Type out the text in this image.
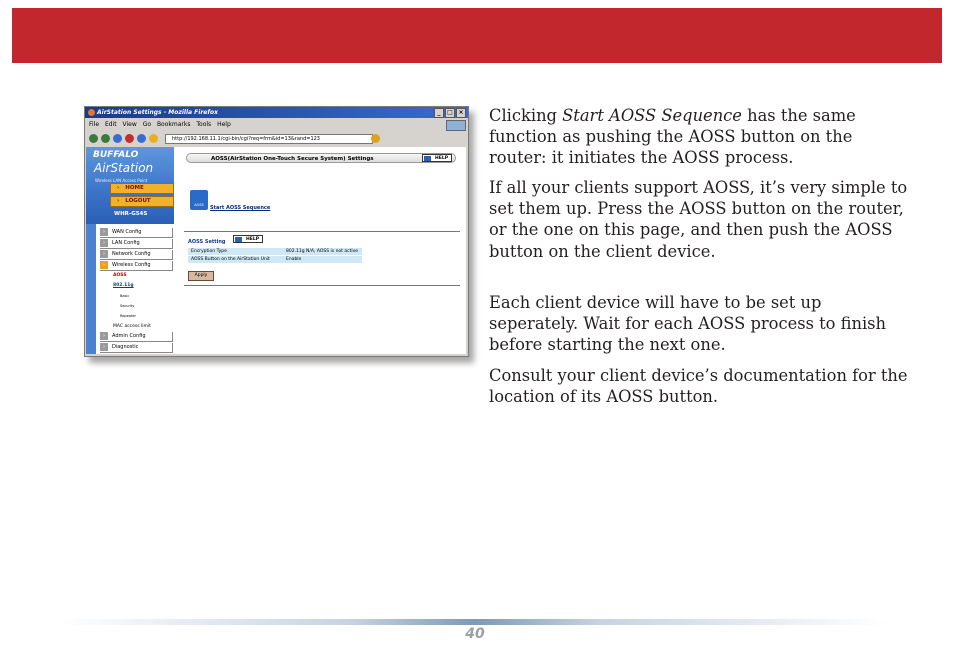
AirStation Settings - Mozilla Firefox	_	□ ×
File Edit View Go Bookmarks Tools Help
http://192.168.11.1/cgi-bin/cgi?req=frm&id=13&rand=123
BUFFALO
AirStation
Wireless LAN Access Point
› HOME
› LOGOUT
WHR-G54S
› WAN Config
› LAN Config
› Network Config
› Wireless Config
AOSS
802.11g
Basic
Security
Repeater
MAC access limit
› Admin Config
› Diagnostic
AOSS(AirStation One-Touch Secure System) Settings	HELP
AOSS	Start AOSS Sequence
AOSS Setting	HELP
Encryption Type	802.11g N/A, AOSS is not active
AOSS Button on the AirStation Unit	Enable
Apply

Clicking Start AOSS Sequence has the same function as pushing the AOSS button on the router: it initiates the AOSS process.

If all your clients support AOSS, it’s very simple to set them up. Press the AOSS button on the router, or the one on this page, and then push the AOSS button on the client device.

Each client device will have to be set up seperately. Wait for each AOSS process to finish before starting the next one.

Consult your client device’s documentation for the location of its AOSS button.

40
